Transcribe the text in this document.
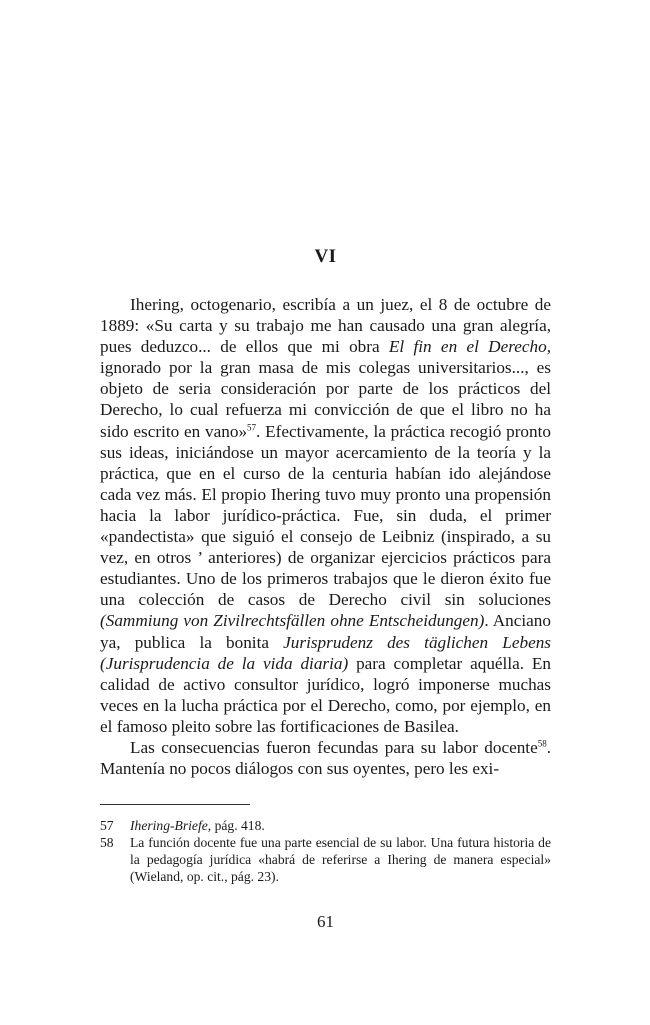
VI

Ihering, octogenario, escribía a un juez, el 8 de octubre de 1889: «Su carta y su trabajo me han causado una gran alegría, pues deduzco... de ellos que mi obra El fin en el Derecho, ignorado por la gran masa de mis colegas universitarios..., es objeto de seria consideración por parte de los prácticos del Derecho, lo cual refuerza mi convicción de que el libro no ha sido escrito en vano»$^{57}$. Efectivamente, la práctica recogió pronto sus ideas, iniciándose un mayor acercamiento de la teoría y la práctica, que en el curso de la centuria habían ido alejándose cada vez más. El propio Ihering tuvo muy pronto una propensión hacia la labor jurídico-práctica. Fue, sin duda, el primer «pandectista» que siguió el consejo de Leibniz (inspirado, a su vez, en otros ’ anteriores) de organizar ejercicios prácticos para estudiantes. Uno de los primeros trabajos que le dieron éxito fue una colección de casos de Derecho civil sin soluciones (Sammiung von Zivilrechtsfällen ohne Entscheidungen). Anciano ya, publica la bonita Jurisprudenz des täglichen Lebens (Jurisprudencia de la vida diaria) para completar aquélla. En calidad de activo consultor jurídico, logró imponerse muchas veces en la lucha práctica por el Derecho, como, por ejemplo, en el famoso pleito sobre las fortificaciones de Basilea.

Las consecuencias fueron fecundas para su labor docente$^{58}$. Mantenía no pocos diálogos con sus oyentes, pero les exi-

57	Ihering-Briefe, pág. 418.
58	La función docente fue una parte esencial de su labor. Una futura historia de la pedagogía jurídica «habrá de referirse a Ihering de manera especial» (Wieland, op. cit., pág. 23).
61
